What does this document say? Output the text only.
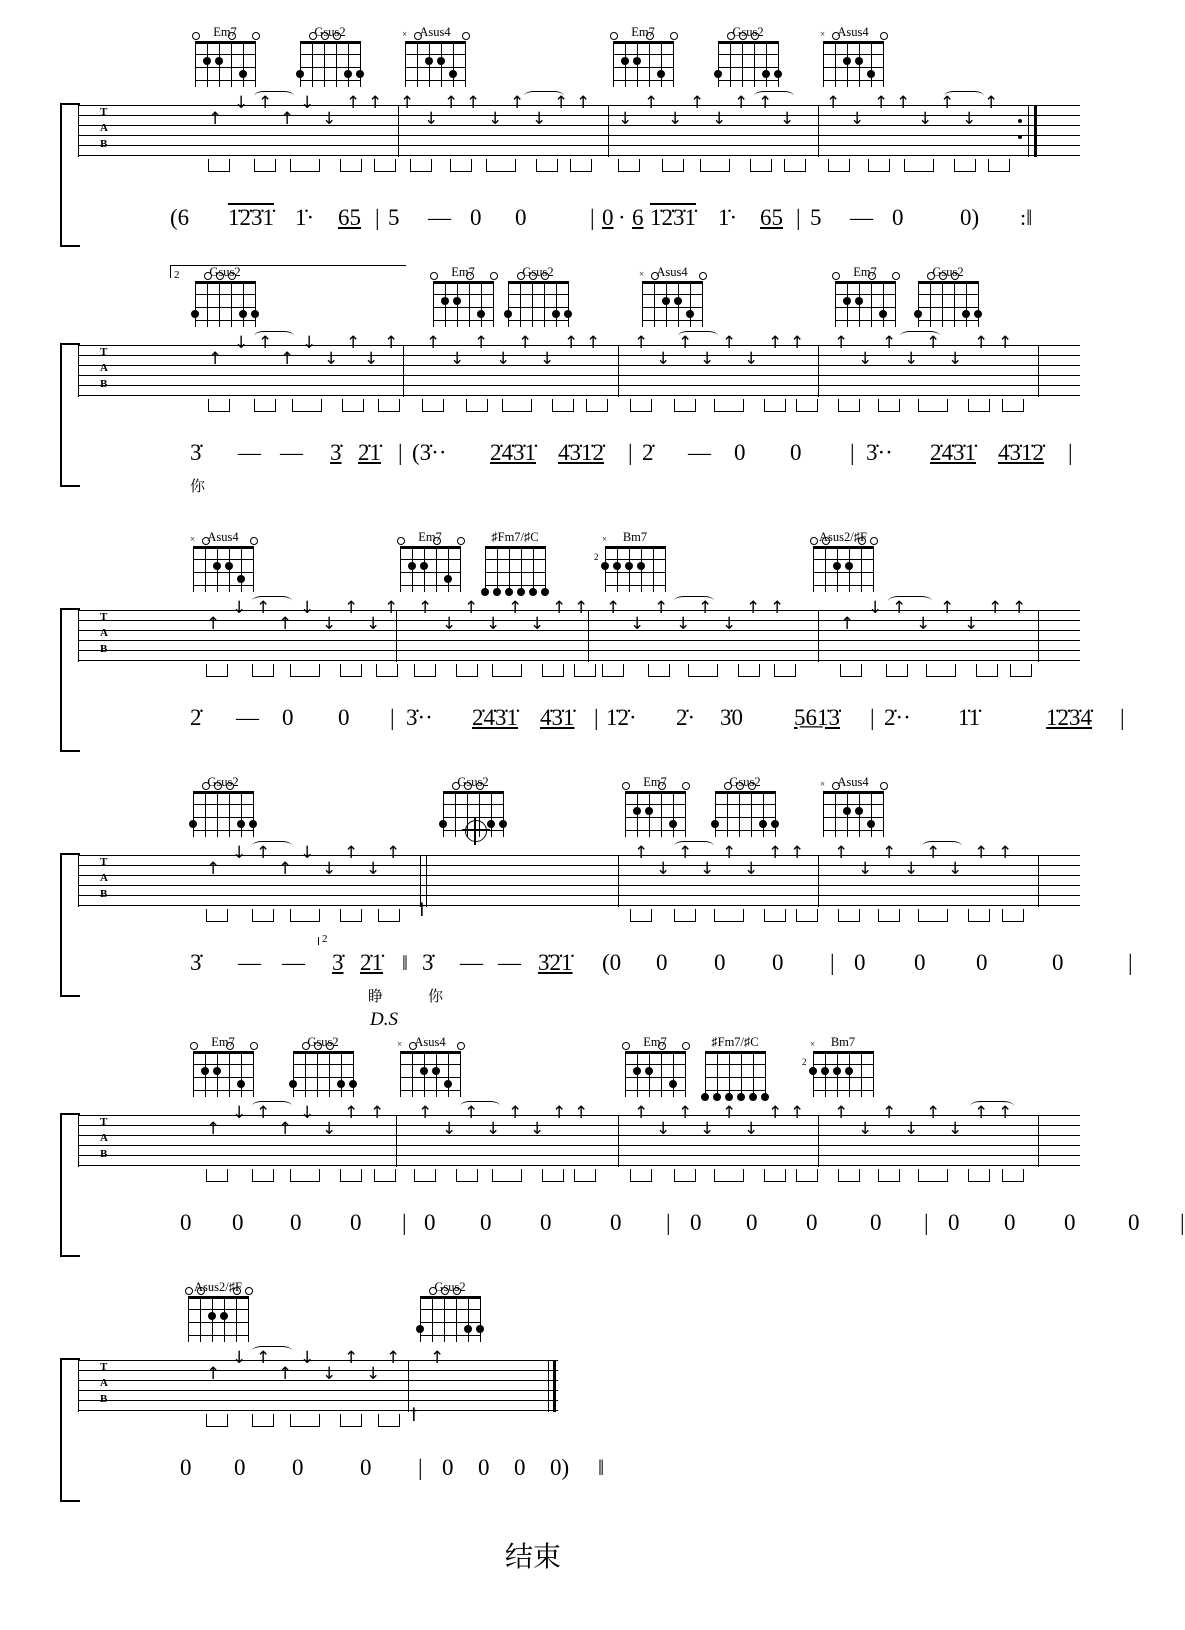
T
A
B
↑
↓ ↑
↑
↓
↓
↑ ↑ ↑
↓
↑ ↑
↓
↑
↓
↑ ↑
↓
↑
↓
↑
↓
↑ ↑
↓
↑
↓
↑ ↑
↓
↑
↓
↑
(6 1̇2̇3̇1̇ 1̇· 65 | 5 — 0 0	| 0 · 6 1̇2̇3̇1̇ 1̇· 65 | 5 — 0 0) :‖
2
T
A
B
↑
↓ ↑
↑
↓
↓
↑
↓
↑ ↑
↓
↑
↓
↑
↓
↑ ↑ ↑
↓
↑
↓
↑
↓
↑ ↑ ↑
↓
↑
↓
↑
↓
↑ ↑
3̇ — — 3̇ 2̇1̇ | (3̇·· 2̇4̇3̇1̇ 4̇3̇1̇2̇ | 2̇ — 0 0 | 3̇·· 2̇4̇3̇1̇ 4̇3̇1̇2̇ |
你
T
A
B
↑
↓ ↑
↑
↓
↓
↑
↓
↑ ↑
↓
↑
↓
↑
↓
↑ ↑ ↑
↓
↑
↓
↑
↓
↑ ↑
↑
↓ ↑
↓
↑
↓
↑ ↑
2̇ — 0 0 | 3̇·· 2̇4̇3̇1̇ 4̇3̇1̇ | 1̇2̇· 2̇· 3̇0 5̲6̲1̇3̇ | 2̇·· 1̇1̇	1̇2̇3̇4̇ |
T
A
B
↑
↓ ↑
↑
↓
↓
↑
↓
↑	↑
↓
↑
↓
↑
↓
↑ ↑ ↑
↓
↑
↓
↑
↓
↑ ↑
ꝉ
3̇ — — 3̇ 2̇1̇ ‖ 3̇ — — 3̇2̇1̇ (0 0 0 0 | 0 0 0	0	|
2
睁	你
D.S
T
A
B
↑
↓ ↑
↑
↓
↓
↑ ↑ ↑
↓
↑
↓
↑
↓
↑ ↑	↑
↓
↑
↓
↑
↓
↑ ↑ ↑
↓
↑
↓
↑
↓
↑ ↑
0 0 0 0 | 0 0 0	0 | 0 0 0 0 | 0 0 0 0 |
T
A
B
↑
↓ ↑
↑
↓
↓
↑
↓
↑ ↑
ꝉ
0 0 0 0 | 0 0 0 0) ‖
结束
Em7	Gsus2	Asus4
×	Em7	Gsus2	Asus4
×
Gsus2	Em7	Gsus2	Asus4
×	Em7	Gsus2
Asus4
×	Em7	♯Fm7/♯C	Bm7
×
2
Asus2/♯F
Gsus2	Gsus2	Em7	Gsus2	Asus4
×
Em7	Gsus2	Asus4
×	Em7	♯Fm7/♯C	Bm7
×
2
Asus2/♯F	Gsus2
